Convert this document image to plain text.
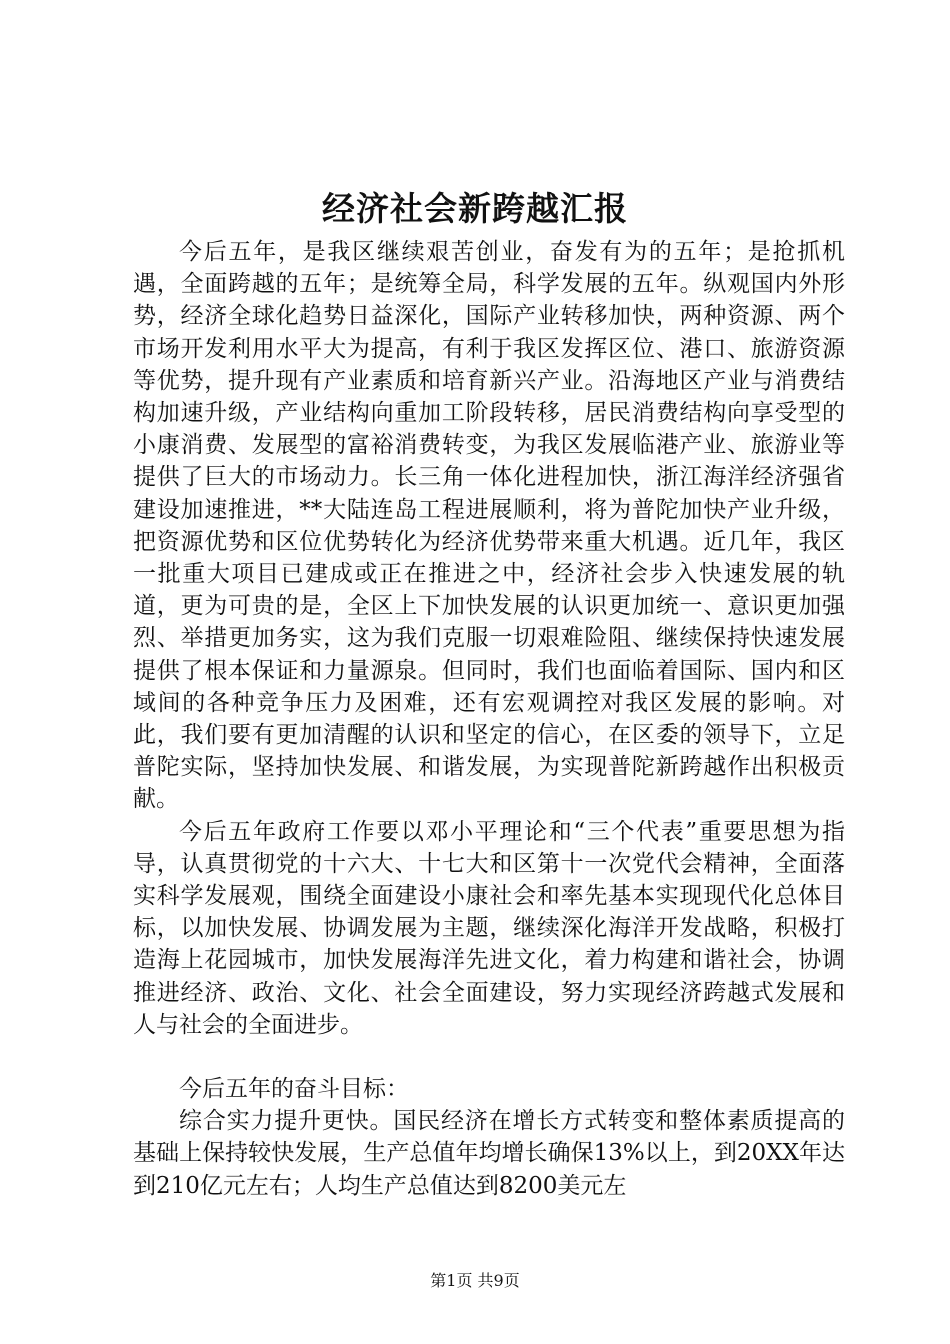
经济社会新跨越汇报

今后五年，是我区继续艰苦创业，奋发有为的五年；是抢抓机遇，全面跨越的五年；是统筹全局，科学发展的五年。纵观国内外形势，经济全球化趋势日益深化，国际产业转移加快，两种资源、两个市场开发利用水平大为提高，有利于我区发挥区位、港口、旅游资源等优势，提升现有产业素质和培育新兴产业。沿海地区产业与消费结构加速升级，产业结构向重加工阶段转移，居民消费结构向享受型的小康消费、发展型的富裕消费转变，为我区发展临港产业、旅游业等提供了巨大的市场动力。长三角一体化进程加快，浙江海洋经济强省建设加速推进，**大陆连岛工程进展顺利，将为普陀加快产业升级，把资源优势和区位优势转化为经济优势带来重大机遇。近几年，我区一批重大项目已建成或正在推进之中，经济社会步入快速发展的轨道，更为可贵的是，全区上下加快发展的认识更加统一、意识更加强烈、举措更加务实，这为我们克服一切艰难险阻、继续保持快速发展提供了根本保证和力量源泉。但同时，我们也面临着国际、国内和区域间的各种竞争压力及困难，还有宏观调控对我区发展的影响。对此，我们要有更加清醒的认识和坚定的信心，在区委的领导下，立足普陀实际，坚持加快发展、和谐发展，为实现普陀新跨越作出积极贡献。

今后五年政府工作要以邓小平理论和“三个代表”重要思想为指导，认真贯彻党的十六大、十七大和区第十一次党代会精神，全面落实科学发展观，围绕全面建设小康社会和率先基本实现现代化总体目标，以加快发展、协调发展为主题，继续深化海洋开发战略，积极打造海上花园城市，加快发展海洋先进文化，着力构建和谐社会，协调推进经济、政治、文化、社会全面建设，努力实现经济跨越式发展和人与社会的全面进步。

今后五年的奋斗目标：

综合实力提升更快。国民经济在增长方式转变和整体素质提高的基础上保持较快发展，生产总值年均增长确保13%以上，到20XX年达到210亿元左右；人均生产总值达到8200美元左

第1页 共9页
